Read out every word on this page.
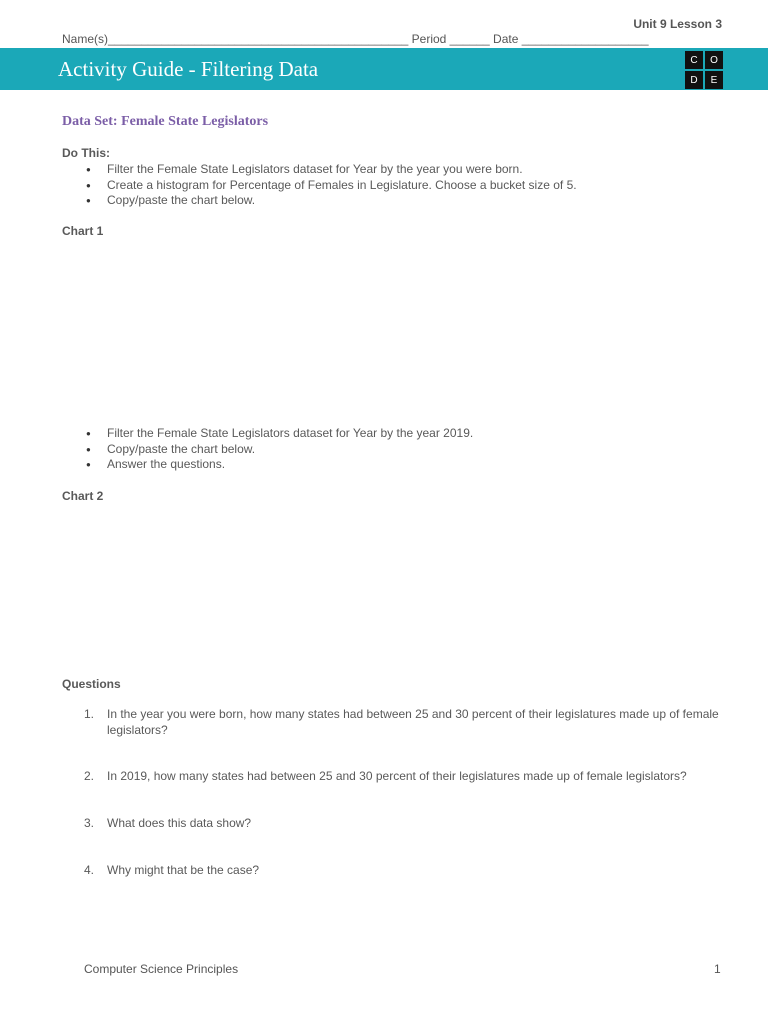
Unit 9 Lesson 3
Name(s)_____________________________________________ Period ______ Date ___________________
Activity Guide - Filtering Data	C	O
D	E
Data Set: Female State Legislators
Do This:
● Filter the Female State Legislators dataset for Year by the year you were born.
● Create a histogram for Percentage of Females in Legislature. Choose a bucket size of 5.
● Copy/paste the chart below.
Chart 1
● Filter the Female State Legislators dataset for Year by the year 2019.
● Copy/paste the chart below.
● Answer the questions.
Chart 2
Questions
1. In the year you were born, how many states had between 25 and 30 percent of their legislatures made up of female legislators?
2. In 2019, how many states had between 25 and 30 percent of their legislatures made up of female legislators?
3. What does this data show?
4. Why might that be the case?
Computer Science Principles	1
